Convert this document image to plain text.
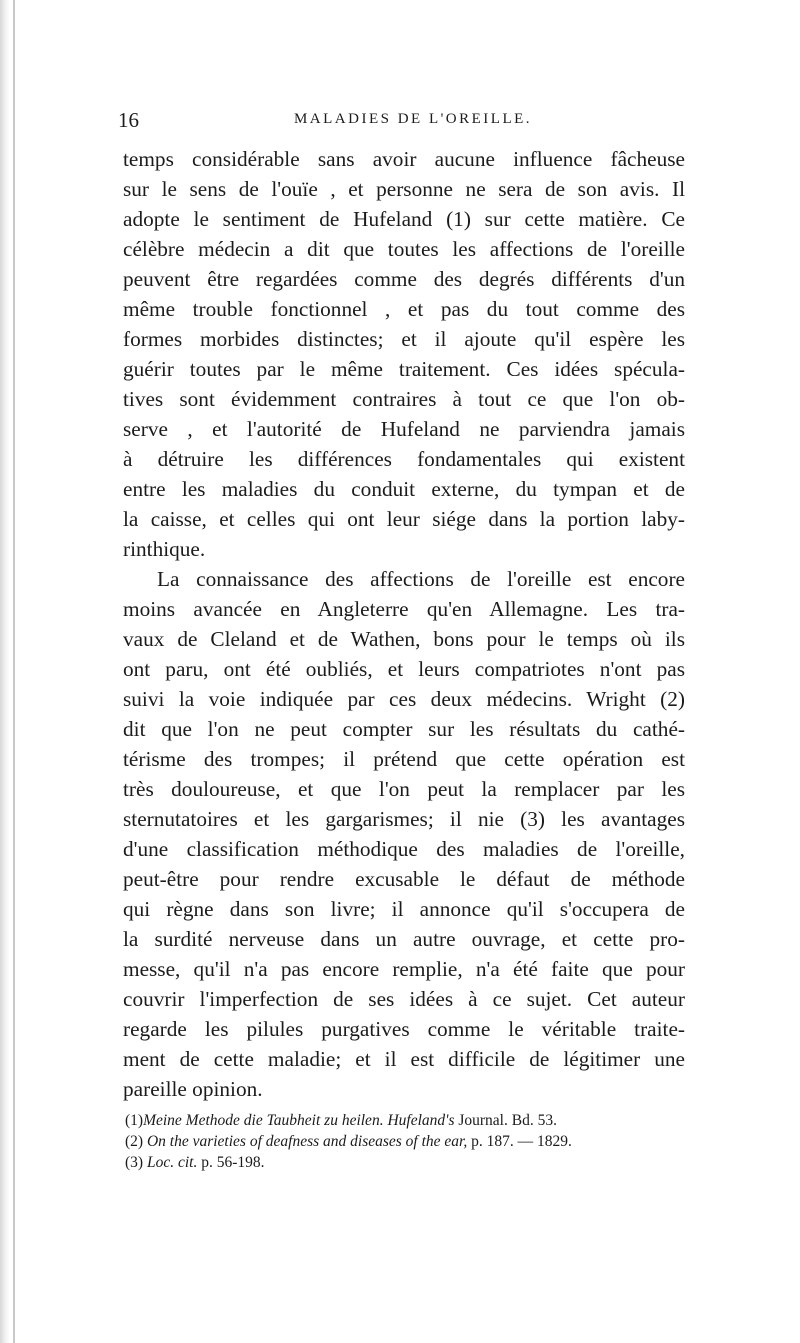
16	MALADIES DE L'OREILLE.
temps considérable sans avoir aucune influence fâcheuse
sur le sens de l'ouïe , et personne ne sera de son avis. Il
adopte le sentiment de Hufeland (1) sur cette matière. Ce
célèbre médecin a dit que toutes les affections de l'oreille
peuvent être regardées comme des degrés différents d'un
même trouble fonctionnel , et pas du tout comme des
formes morbides distinctes; et il ajoute qu'il espère les
guérir toutes par le même traitement. Ces idées spécula-
tives sont évidemment contraires à tout ce que l'on ob-
serve , et l'autorité de Hufeland ne parviendra jamais
à détruire les différences fondamentales qui existent
entre les maladies du conduit externe, du tympan et de
la caisse, et celles qui ont leur siége dans la portion laby-
rinthique.
La connaissance des affections de l'oreille est encore
moins avancée en Angleterre qu'en Allemagne. Les tra-
vaux de Cleland et de Wathen, bons pour le temps où ils
ont paru, ont été oubliés, et leurs compatriotes n'ont pas
suivi la voie indiquée par ces deux médecins. Wright (2)
dit que l'on ne peut compter sur les résultats du cathé-
térisme des trompes; il prétend que cette opération est
très douloureuse, et que l'on peut la remplacer par les
sternutatoires et les gargarismes; il nie (3) les avantages
d'une classification méthodique des maladies de l'oreille,
peut-être pour rendre excusable le défaut de méthode
qui règne dans son livre; il annonce qu'il s'occupera de
la surdité nerveuse dans un autre ouvrage, et cette pro-
messe, qu'il n'a pas encore remplie, n'a été faite que pour
couvrir l'imperfection de ses idées à ce sujet. Cet auteur
regarde les pilules purgatives comme le véritable traite-
ment de cette maladie; et il est difficile de légitimer une
pareille opinion.
(1)Meine Methode die Taubheit zu heilen. Hufeland's Journal. Bd. 53.
(2) On the varieties of deafness and diseases of the ear, p. 187. — 1829.
(3) Loc. cit. p. 56-198.
